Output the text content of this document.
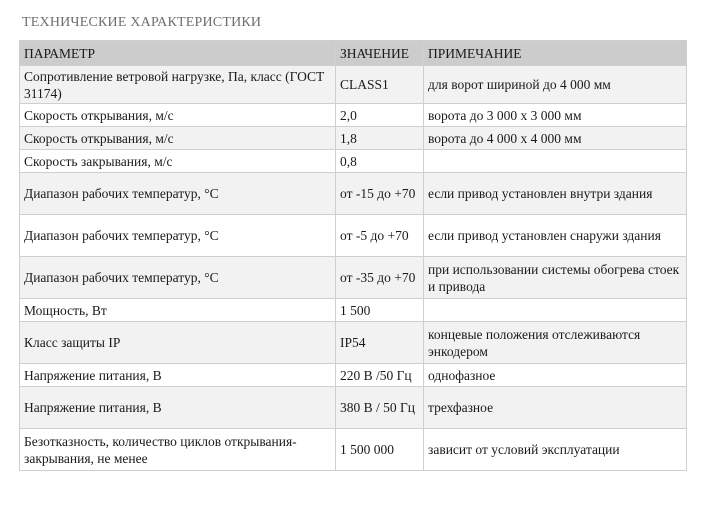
ТЕХНИЧЕСКИЕ ХАРАКТЕРИСТИКИ
ПАРАМЕТР	ЗНАЧЕНИЕ	ПРИМЕЧАНИЕ
Сопротивление ветровой нагрузке, Па, класс (ГОСТ 31174)	CLASS1	для ворот шириной до 4 000 мм
Скорость открывания, м/с	2,0	ворота до 3 000 x 3 000 мм
Скорость открывания, м/с	1,8	ворота до 4 000 x 4 000 мм
Скорость закрывания, м/с	0,8	
Диапазон рабочих температур, °С	от -15 до +70	если привод установлен внутри здания
Диапазон рабочих температур, °С	от -5 до +70	если привод установлен снаружи здания
Диапазон рабочих температур, °С	от -35 до +70	при использовании системы обогрева стоек и привода
Мощность, Вт	1 500	
Класс защиты IP	IP54	концевые положения отслеживаются энкодером
Напряжение питания, В	220 В /50 Гц	однофазное
Напряжение питания, В	380 В / 50 Гц	трехфазное
Безотказность, количество циклов открывания-закрывания, не менее	1 500 000	зависит от условий эксплуатации
